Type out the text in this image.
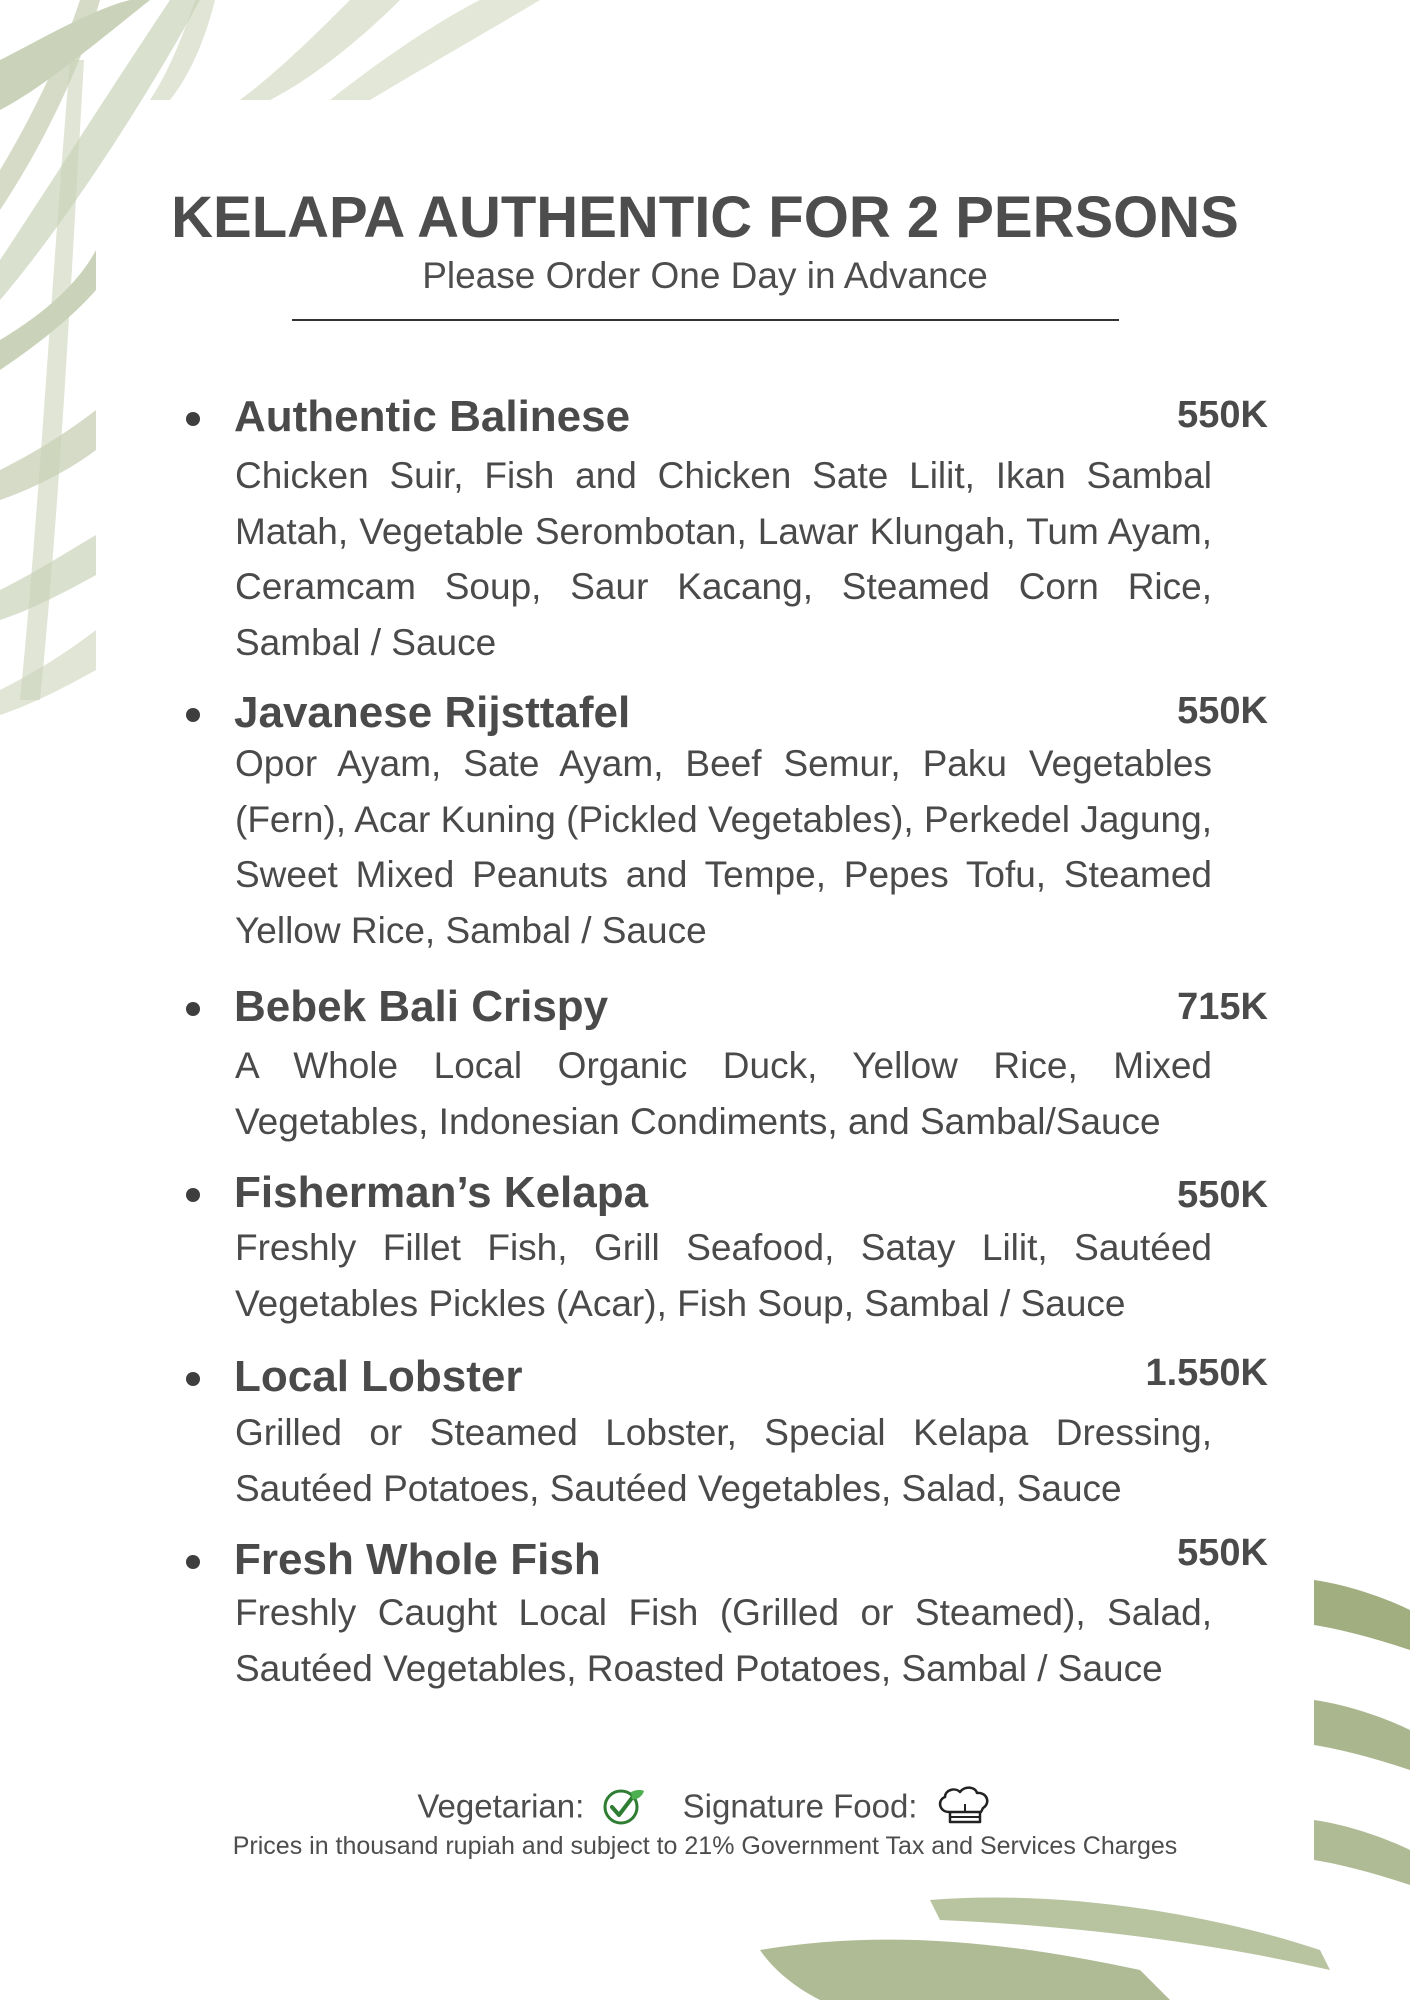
KELAPA AUTHENTIC FOR 2 PERSONS
Please Order One Day in Advance
Authentic Balinese	550K
Chicken Suir, Fish and Chicken Sate Lilit, Ikan Sambal Matah, Vegetable Serombotan, Lawar Klungah, Tum Ayam, Ceramcam Soup, Saur Kacang, Steamed Corn Rice, Sambal / Sauce
Javanese Rijsttafel	550K
Opor Ayam, Sate Ayam, Beef Semur, Paku Vegetables (Fern), Acar Kuning (Pickled Vegetables), Perkedel Jagung, Sweet Mixed Peanuts and Tempe, Pepes Tofu, Steamed Yellow Rice, Sambal / Sauce
Bebek Bali Crispy	715K
A Whole Local Organic Duck, Yellow Rice, Mixed Vegetables, Indonesian Condiments, and Sambal/Sauce
Fisherman’s Kelapa	550K
Freshly Fillet Fish, Grill Seafood, Satay Lilit, Sautéed Vegetables Pickles (Acar), Fish Soup, Sambal / Sauce
Local Lobster	1.550K
Grilled or Steamed Lobster, Special Kelapa Dressing, Sautéed Potatoes, Sautéed Vegetables, Salad, Sauce
Fresh Whole Fish	550K
Freshly Caught Local Fish (Grilled or Steamed), Salad, Sautéed Vegetables, Roasted Potatoes, Sambal / Sauce
Vegetarian:	Signature Food:
Prices in thousand rupiah and subject to 21% Government Tax and Services Charges
